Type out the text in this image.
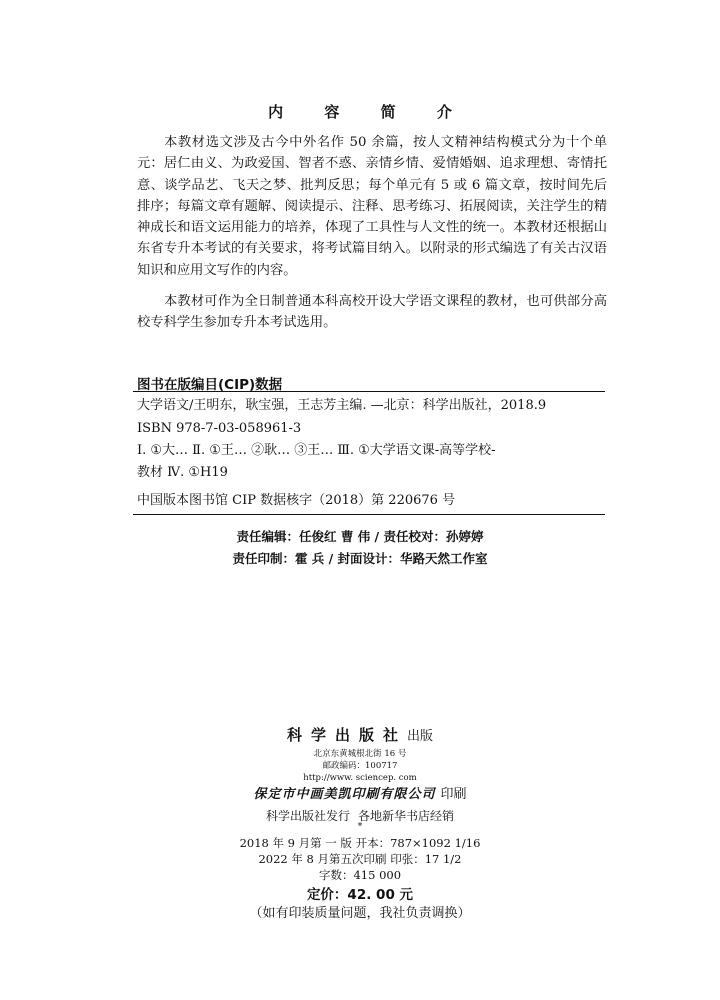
内 容 简 介

本教材选文涉及古今中外名作 50 余篇，按人文精神结构模式分为十个单元：居仁由义、为政爱国、智者不惑、亲情乡情、爱情婚姻、追求理想、寄情托意、谈学品艺、飞天之梦、批判反思；每个单元有 5 或 6 篇文章，按时间先后排序；每篇文章有题解、阅读提示、注释、思考练习、拓展阅读，关注学生的精神成长和语文运用能力的培养，体现了工具性与人文性的统一。本教材还根据山东省专升本考试的有关要求，将考试篇目纳入。以附录的形式编选了有关古汉语知识和应用文写作的内容。

本教材可作为全日制普通本科高校开设大学语文课程的教材，也可供部分高校专科学生参加专升本考试选用。

图书在版编目(CIP)数据
大学语文/王明东，耿宝强，王志芳主编. —北京：科学出版社，2018.9
ISBN 978-7-03-058961-3
Ⅰ. ①大… Ⅱ. ①王… ②耿… ③王… Ⅲ. ①大学语文课-高等学校-
教材 Ⅳ. ①H19
中国版本图书馆 CIP 数据核字（2018）第 220676 号
责任编辑：任俊红 曹 伟 / 责任校对：孙婷婷
责任印制：霍 兵 / 封面设计：华路天然工作室
科学出版社出版
北京东黄城根北街 16 号
邮政编码：100717
http://www. sciencep. com
保定市中画美凯印刷有限公司 印刷
科学出版社发行 各地新华书店经销
*
2018 年 9 月第 一 版 开本：787×1092 1/16
2022 年 8 月第五次印刷 印张：17 1/2
字数：415 000
定价：42. 00 元
（如有印装质量问题，我社负责调换）
